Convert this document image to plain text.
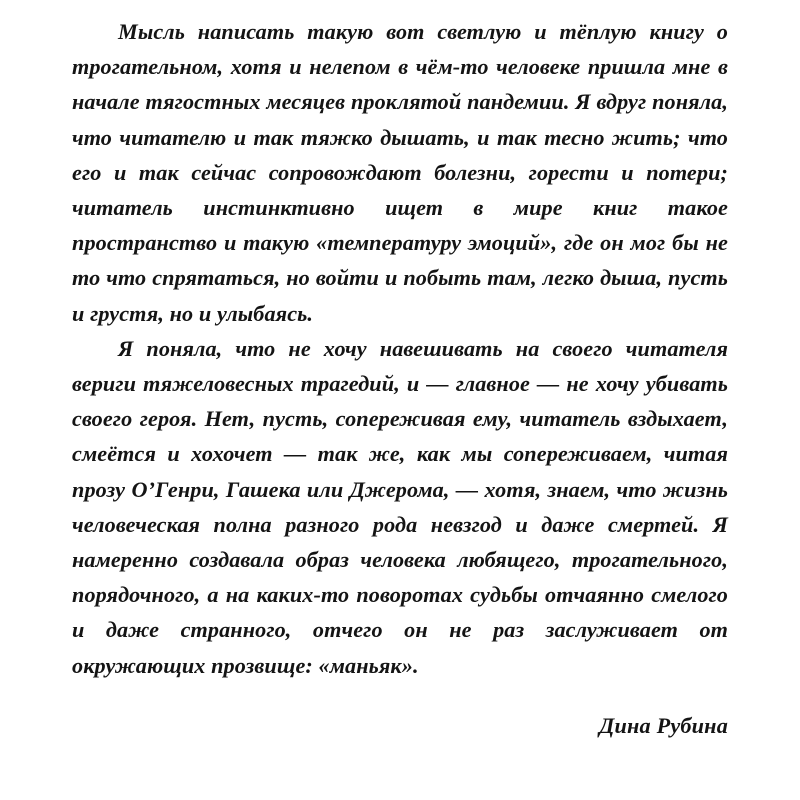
Мысль написать такую вот светлую и тёплую книгу о трогательном, хотя и нелепом в чём-то человеке пришла мне в начале тягостных месяцев проклятой пандемии. Я вдруг поняла, что читателю и так тяжко дышать, и так тесно жить; что его и так сейчас сопровождают болезни, горести и потери; читатель инстинктивно ищет в мире книг такое пространство и такую «температуру эмоций», где он мог бы не то что спрятаться, но войти и побыть там, легко дыша, пусть и грустя, но и улыбаясь.

Я поняла, что не хочу навешивать на своего читателя вериги тяжеловесных трагедий, и — главное — не хочу убивать своего героя. Нет, пусть, сопереживая ему, читатель вздыхает, смеётся и хохочет — так же, как мы сопереживаем, читая прозу О’Генри, Гашека или Джерома, — хотя, знаем, что жизнь человеческая полна разного рода невзгод и даже смертей. Я намеренно создавала образ человека любящего, трогательного, порядочного, а на каких-то поворотах судьбы отчаянно смелого и даже странного, отчего он не раз заслуживает от окружающих прозвище: «маньяк».

Дина Рубина
